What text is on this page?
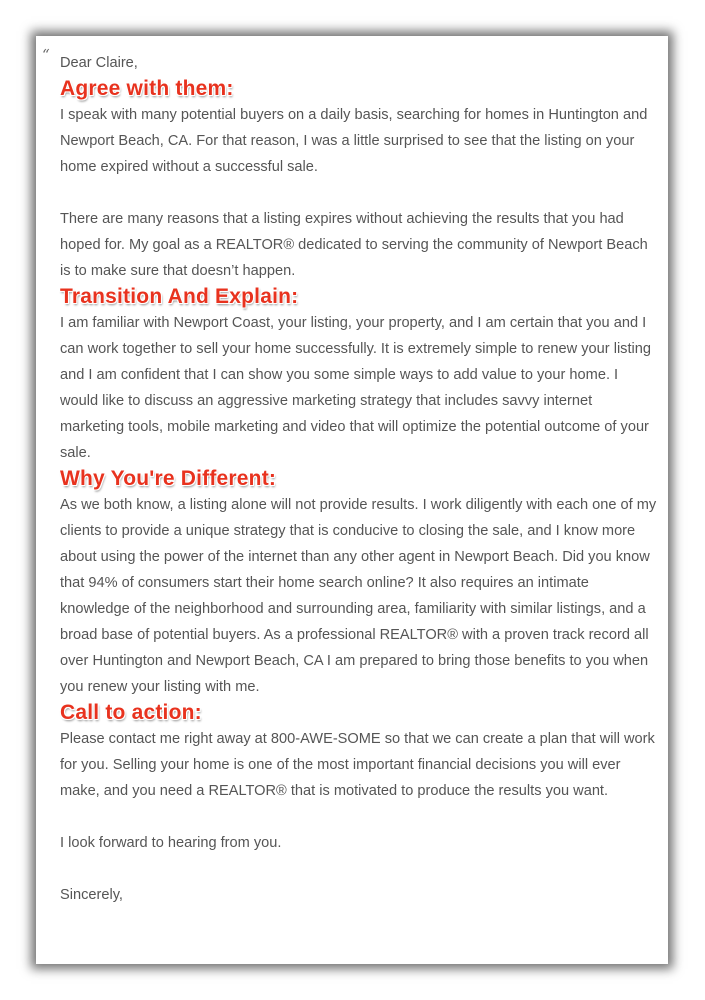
“ Dear Claire,

Agree with them:

I speak with many potential buyers on a daily basis, searching for homes in Huntington and Newport Beach, CA. For that reason, I was a little surprised to see that the listing on your home expired without a successful sale.

There are many reasons that a listing expires without achieving the results that you had hoped for. My goal as a REALTOR® dedicated to serving the community of Newport Beach is to make sure that doesn’t happen.

Transition And Explain:

I am familiar with Newport Coast, your listing, your property, and I am certain that you and I can work together to sell your home successfully. It is extremely simple to renew your listing and I am confident that I can show you some simple ways to add value to your home. I would like to discuss an aggressive marketing strategy that includes savvy internet marketing tools, mobile marketing and video that will optimize the potential outcome of your sale.

Why You're Different:

As we both know, a listing alone will not provide results. I work diligently with each one of my clients to provide a unique strategy that is conducive to closing the sale, and I know more about using the power of the internet than any other agent in Newport Beach. Did you know that 94% of consumers start their home search online? It also requires an intimate knowledge of the neighborhood and surrounding area, familiarity with similar listings, and a broad base of potential buyers. As a professional REALTOR® with a proven track record all over Huntington and Newport Beach, CA I am prepared to bring those benefits to you when you renew your listing with me.

Call to action:

Please contact me right away at 800-AWE-SOME so that we can create a plan that will work for you. Selling your home is one of the most important financial decisions you will ever make, and you need a REALTOR® that is motivated to produce the results you want.

I look forward to hearing from you.

Sincerely,
